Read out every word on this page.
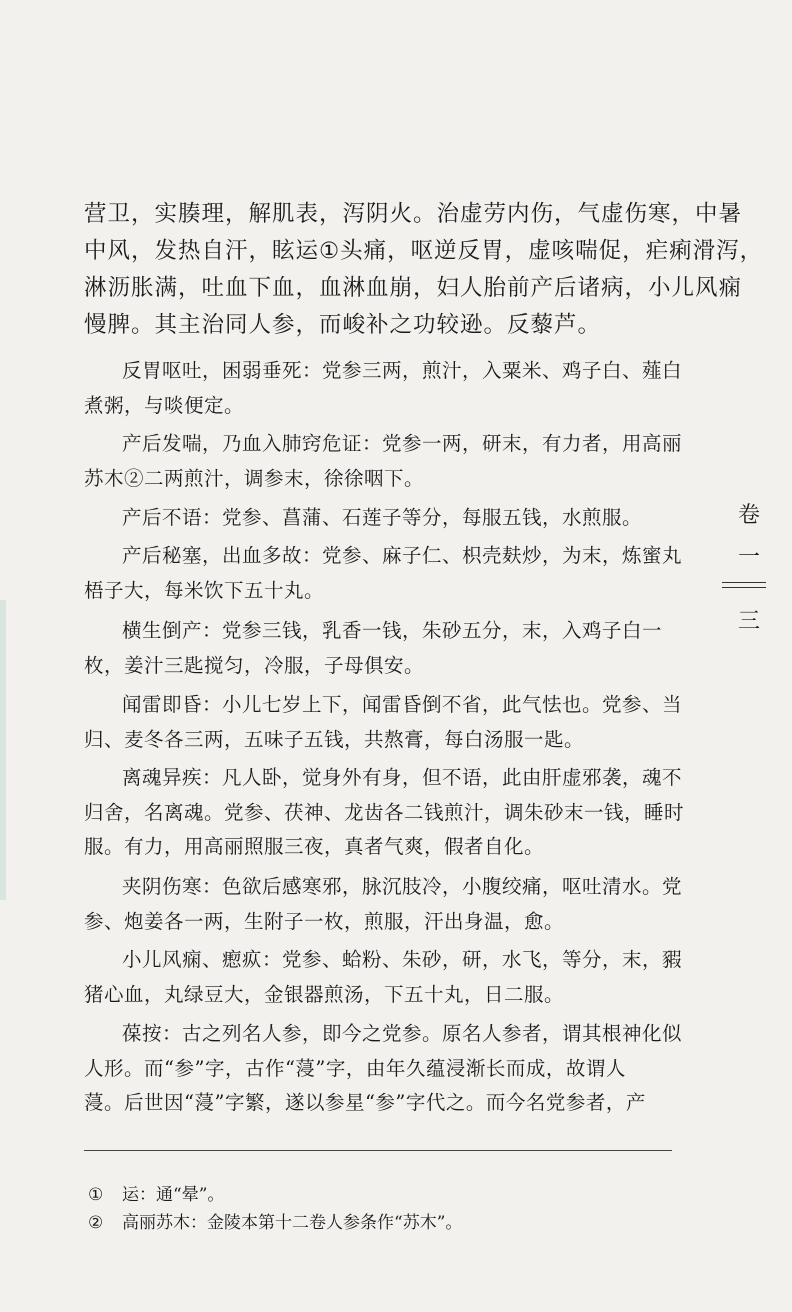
营卫，实腠理，解肌表，泻阴火。治虚劳内伤，气虚伤寒，中暑
中风，发热自汗，眩运①头痛，呕逆反胃，虚咳喘促，疟痢滑泻，
淋沥胀满，吐血下血，血淋血崩，妇人胎前产后诸病，小儿风痫
慢脾。其主治同人参，而峻补之功较逊。反藜芦。
反胃呕吐，困弱垂死：党参三两，煎汁，入粟米、鸡子白、薤白
煮粥，与啖便定。
产后发喘，乃血入肺窍危证：党参一两，研末，有力者，用高丽
苏木②二两煎汁，调参末，徐徐咽下。
产后不语：党参、菖蒲、石莲子等分，每服五钱，水煎服。
产后秘塞，出血多故：党参、麻子仁、枳壳麸炒，为末，炼蜜丸
梧子大，每米饮下五十丸。
横生倒产：党参三钱，乳香一钱，朱砂五分，末，入鸡子白一
枚，姜汁三匙搅匀，冷服，子母俱安。
闻雷即昏：小儿七岁上下，闻雷昏倒不省，此气怯也。党参、当
归、麦冬各三两，五味子五钱，共熬膏，每白汤服一匙。
离魂异疾：凡人卧，觉身外有身，但不语，此由肝虚邪袭，魂不
归舍，名离魂。党参、茯神、龙齿各二钱煎汁，调朱砂末一钱，睡时
服。有力，用高丽照服三夜，真者气爽，假者自化。
夹阴伤寒：色欲后感寒邪，脉沉肢冷，小腹绞痛，呕吐清水。党
参、炮姜各一两，生附子一枚，煎服，汗出身温，愈。
小儿风痫、瘛疭：党参、蛤粉、朱砂，研，水飞，等分，末，豭
猪心血，丸绿豆大，金银器煎汤，下五十丸，日二服。
葆按：古之列名人参，即今之党参。原名人参者，谓其根神化似
人形。而“参”字，古作“蓡”字，由年久蕴浸渐长而成，故谓人
蓡。后世因“蓡”字繁，遂以参星“参”字代之。而今名党参者，产
卷
一
三
① 运：通“晕”。
② 高丽苏木：金陵本第十二卷人参条作“苏木”。
